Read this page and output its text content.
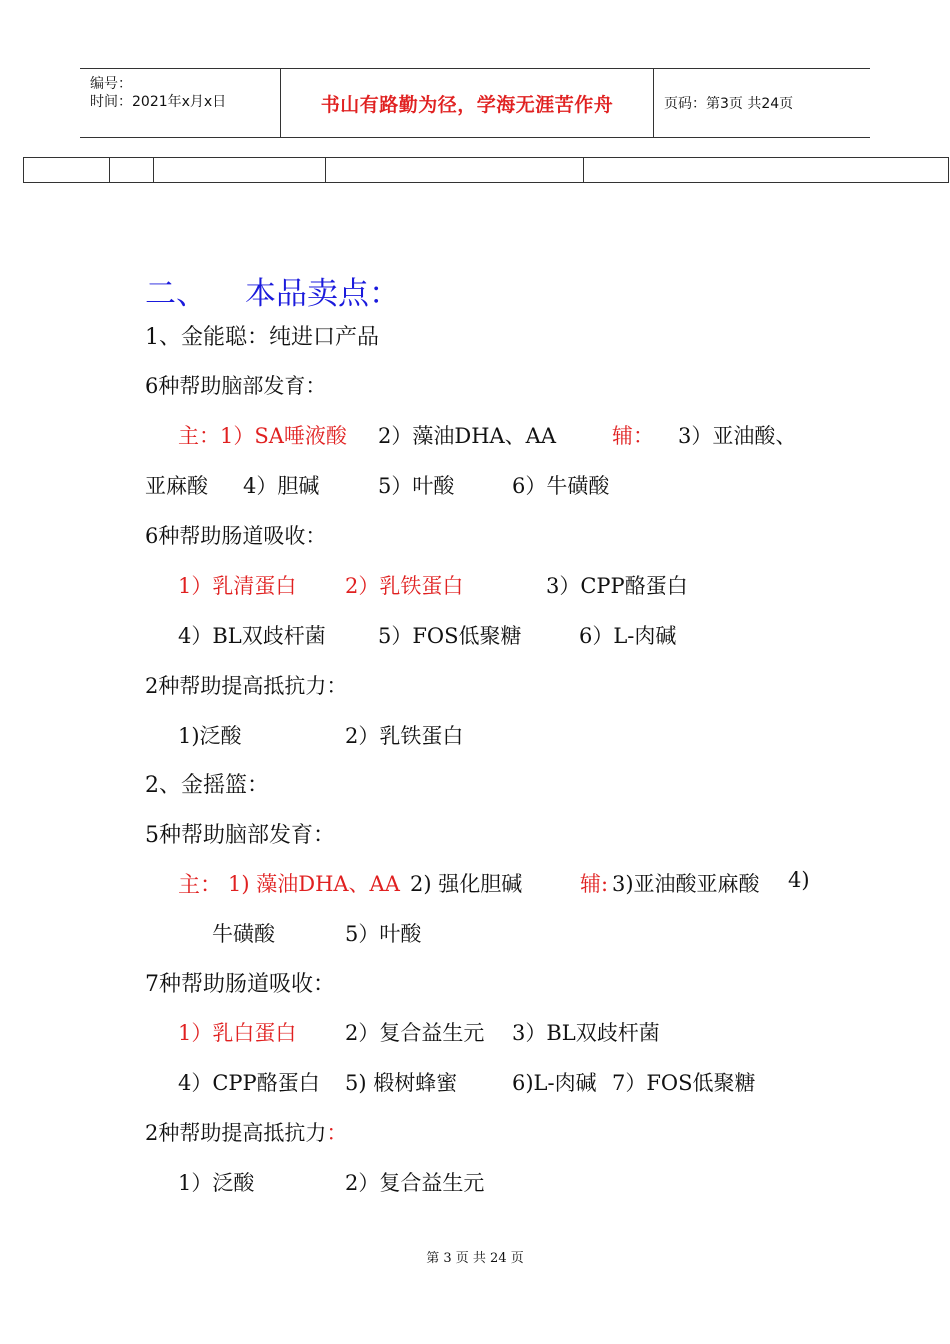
编号：
时间：2021年x月x日	书山有路勤为径，学海无涯苦作舟	页码：第3页 共24页
二、 本品卖点：
1、金能聪：纯进口产品
6种帮助脑部发育：
主： 1）SA唾液酸 2）藻油DHA、AA	辅： 3）亚油酸、
亚麻酸 4）胆碱	5）叶酸	6）牛磺酸
6种帮助肠道吸收：
1）乳清蛋白 2）乳铁蛋白	3）CPP酪蛋白
4）BL双歧杆菌 5）FOS低聚糖	6）L-肉碱
2种帮助提高抵抗力：
1)泛酸	2）乳铁蛋白
2、金摇篮：
5种帮助脑部发育：
主： 1) 藻油DHA、AA 2) 强化胆碱	辅: 3)亚油酸亚麻酸 4)
牛磺酸	5）叶酸
7种帮助肠道吸收：
1）乳白蛋白 2）复合益生元 3）BL双歧杆菌
4）CPP酪蛋白 5) 椴树蜂蜜	6)L-肉碱 7）FOS低聚糖
2种帮助提高抵抗力：
1）泛酸	2）复合益生元
第 3 页 共 24 页
